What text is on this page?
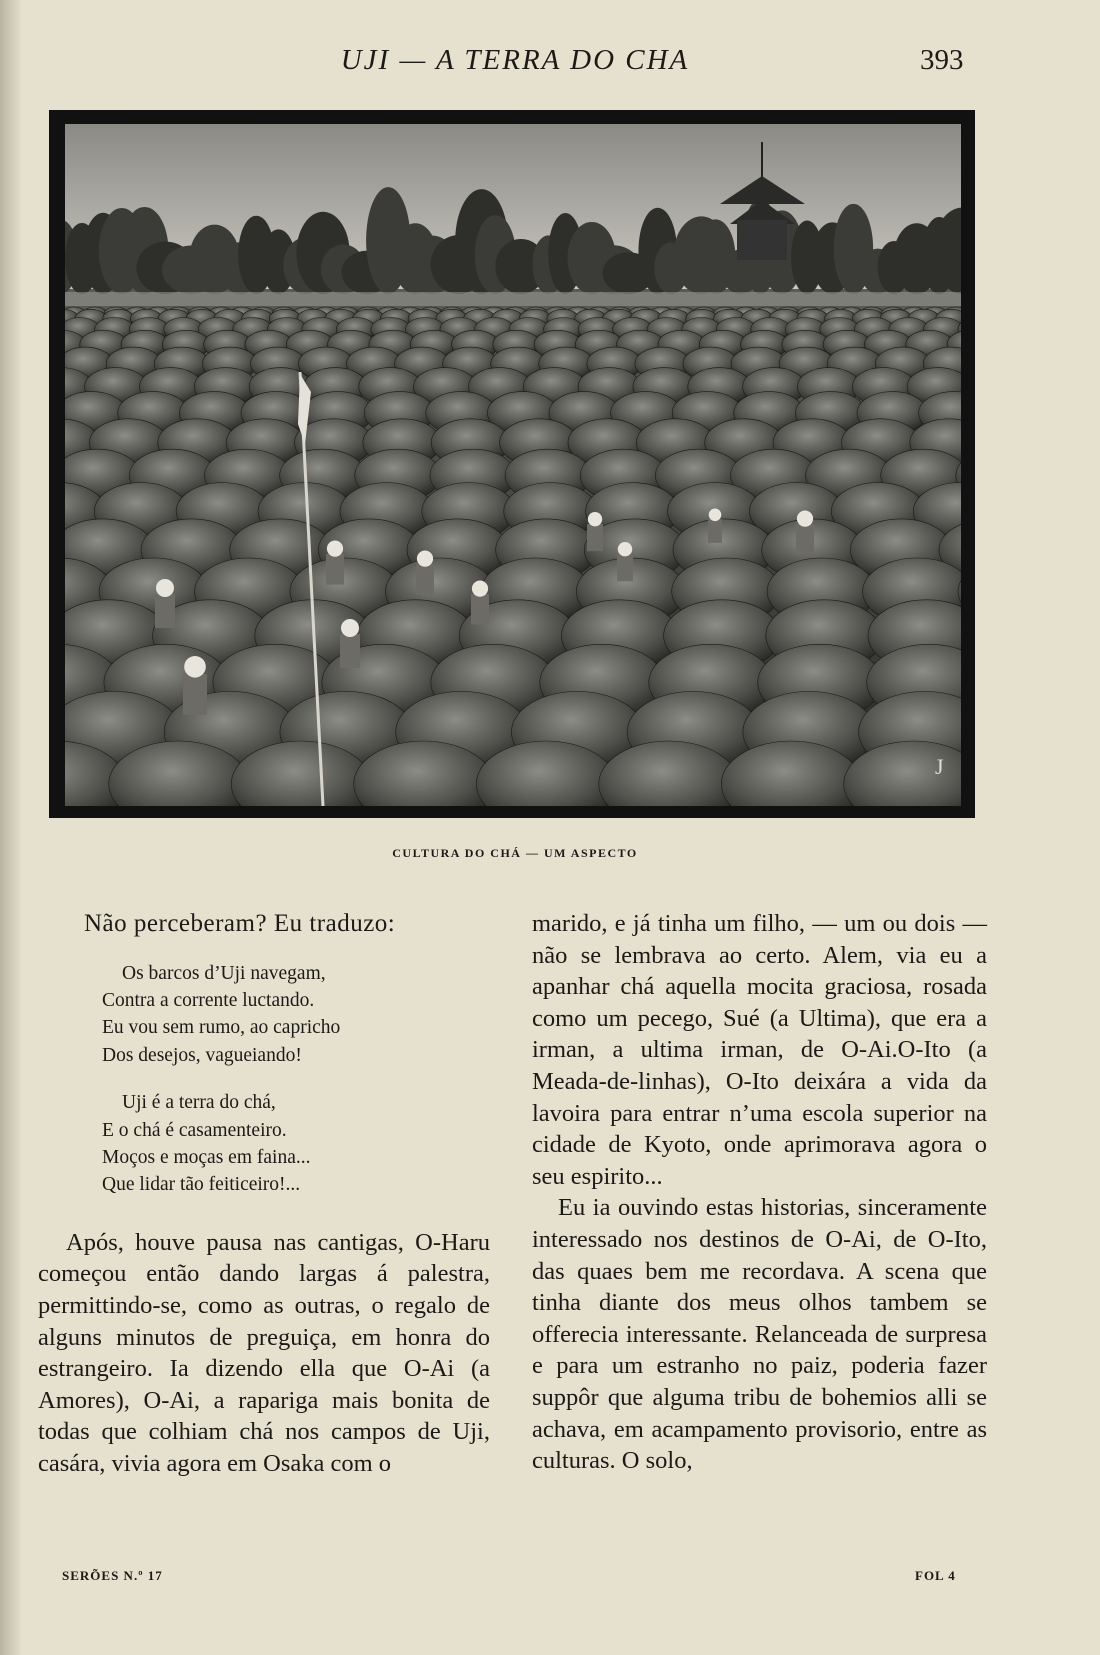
UJI — A TERRA DO CHA	393
J
CULTURA DO CHÁ — UM ASPECTO

Não perceberam? Eu traduzo:

Os barcos d’Uji navegam,
Contra a corrente luctando.
Eu vou sem rumo, ao capricho
Dos desejos, vagueiando!
Uji é a terra do chá,
E o chá é casamenteiro.
Moços e moças em faina...
Que lidar tão feiticeiro!...

Após, houve pausa nas cantigas, O-Haru começou então dando largas á palestra, permittindo-se, como as outras, o regalo de alguns minutos de preguiça, em honra do estrangeiro. Ia dizendo ella que O-Ai (a Amores), O-Ai, a rapariga mais bonita de todas que colhiam chá nos campos de Uji, casára, vivia agora em Osaka com o

marido, e já tinha um filho, — um ou dois — não se lembrava ao certo. Alem, via eu a apanhar chá aquella mocita graciosa, rosada como um pecego, Sué (a Ultima), que era a irman, a ultima irman, de O-Ai.O-Ito (a Meada-de-linhas), O-Ito deixára a vida da lavoira para entrar n’uma escola superior na cidade de Kyoto, onde aprimorava agora o seu espirito...

Eu ia ouvindo estas historias, sinceramente interessado nos destinos de O-Ai, de O-Ito, das quaes bem me recordava. A scena que tinha diante dos meus olhos tambem se offerecia interessante. Relanceada de surpresa e para um estranho no paiz, poderia fazer suppôr que alguma tribu de bohemios alli se achava, em acampamento provisorio, entre as culturas. O solo,

SERÕES N.º 17	FOL 4
